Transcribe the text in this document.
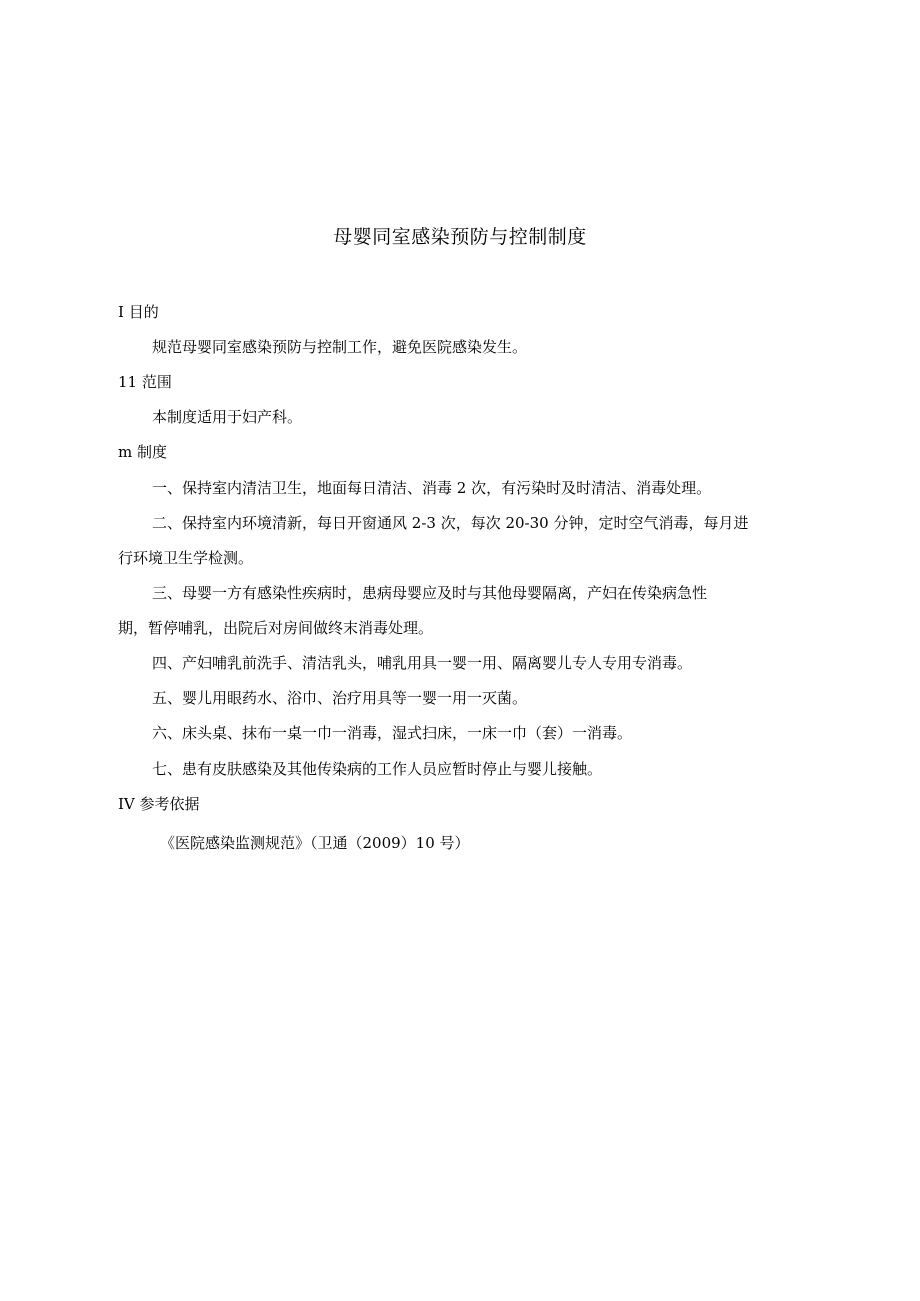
母婴同室感染预防与控制制度
I 目的
规范母婴同室感染预防与控制工作，避免医院感染发生。
11 范围
本制度适用于妇产科。
m 制度
一、保持室内清洁卫生，地面每日清洁、消毒 2 次，有污染时及时清洁、消毒处理。
二、保持室内环境清新，每日开窗通风 2-3 次，每次 20-30 分钟，定时空气消毒，每月进
行环境卫生学检测。
三、母婴一方有感染性疾病时，患病母婴应及时与其他母婴隔离，产妇在传染病急性
期，暂停哺乳，出院后对房间做终末消毒处理。
四、产妇哺乳前洗手、清洁乳头，哺乳用具一婴一用、隔离婴儿专人专用专消毒。
五、婴儿用眼药水、浴巾、治疗用具等一婴一用一灭菌。
六、床头桌、抹布一桌一巾一消毒，湿式扫床，一床一巾（套）一消毒。
七、患有皮肤感染及其他传染病的工作人员应暂时停止与婴儿接触。
IV 参考依据
《医院感染监测规范》（卫通（2009）10 号）
